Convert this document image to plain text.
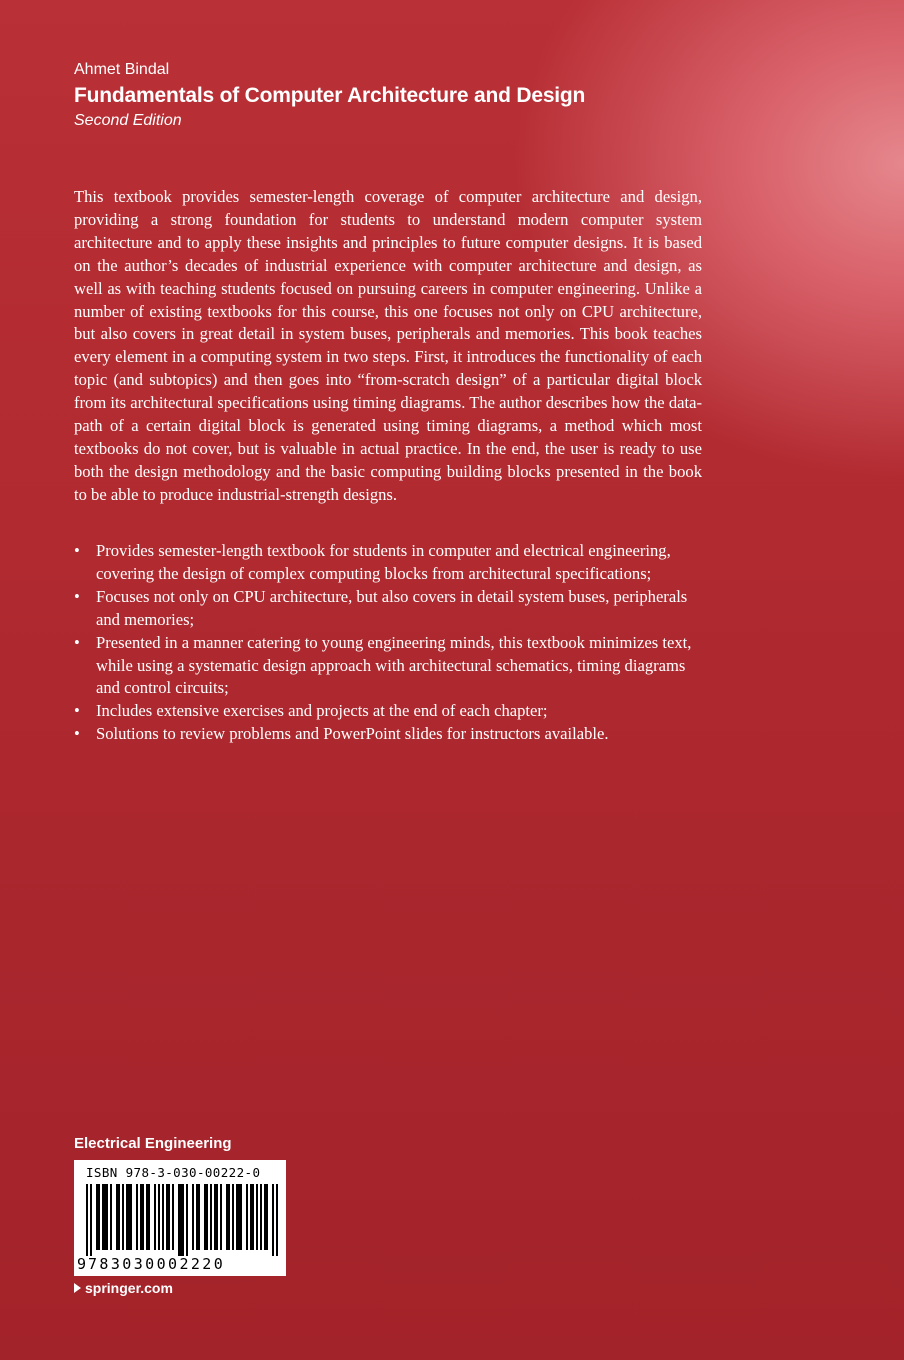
Ahmet Bindal
Fundamentals of Computer Architecture and Design
Second Edition

This textbook provides semester-length coverage of computer architecture and design, providing a strong foundation for students to understand modern computer system architecture and to apply these insights and principles to future computer designs. It is based on the author’s decades of industrial experience with computer architecture and design, as well as with teaching students focused on pursuing careers in computer engineering. Unlike a number of existing textbooks for this course, this one focuses not only on CPU architecture, but also covers in great detail in system buses, peripherals and memories. This book teaches every element in a computing system in two steps. First, it introduces the functionality of each topic (and subtopics) and then goes into “from-scratch design” of a particular digital block from its architectural specifications using timing diagrams. The author describes how the data-path of a certain digital block is generated using timing diagrams, a method which most textbooks do not cover, but is valuable in actual practice. In the end, the user is ready to use both the design methodology and the basic computing building blocks presented in the book to be able to produce industrial-strength designs.

• Provides semester-length textbook for students in computer and electrical engineering, covering the design of complex computing blocks from architectural specifications;
• Focuses not only on CPU architecture, but also covers in detail system buses, peripherals and memories;
• Presented in a manner catering to young engineering minds, this textbook minimizes text, while using a systematic design approach with architectural schematics, timing diagrams and control circuits;
• Includes extensive exercises and projects at the end of each chapter;
• Solutions to review problems and PowerPoint slides for instructors available.
Electrical Engineering
ISBN 978-3-030-00222-0
9 783030002220
springer.com
